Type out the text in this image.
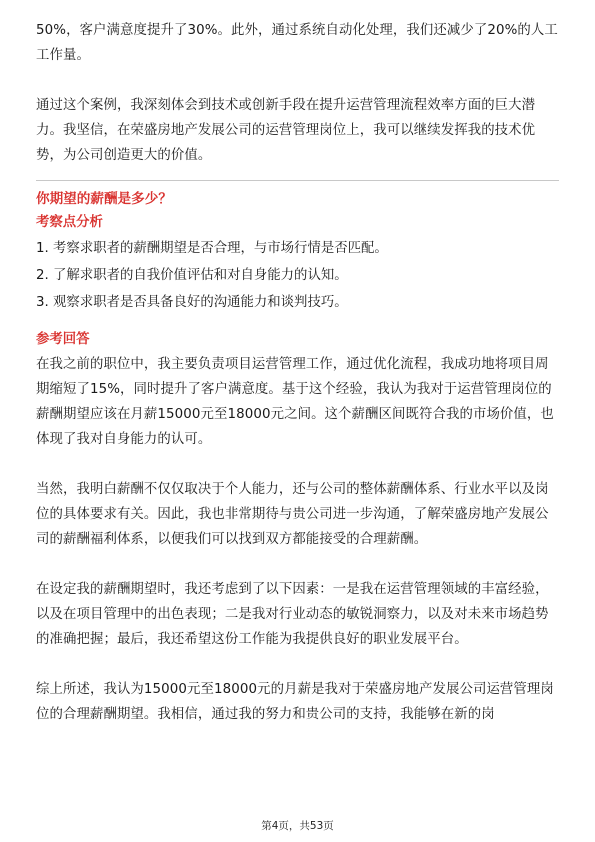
50%，客户满意度提升了30%。此外，通过系统自动化处理，我们还减少了20%的人工工作量。

通过这个案例，我深刻体会到技术或创新手段在提升运营管理流程效率方面的巨大潜力。我坚信，在荣盛房地产发展公司的运营管理岗位上，我可以继续发挥我的技术优势，为公司创造更大的价值。

你期望的薪酬是多少？

考察点分析

1. 考察求职者的薪酬期望是否合理，与市场行情是否匹配。

2. 了解求职者的自我价值评估和对自身能力的认知。

3. 观察求职者是否具备良好的沟通能力和谈判技巧。

参考回答

在我之前的职位中，我主要负责项目运营管理工作，通过优化流程，我成功地将项目周期缩短了15%，同时提升了客户满意度。基于这个经验，我认为我对于运营管理岗位的薪酬期望应该在月薪15000元至18000元之间。这个薪酬区间既符合我的市场价值，也体现了我对自身能力的认可。

当然，我明白薪酬不仅仅取决于个人能力，还与公司的整体薪酬体系、行业水平以及岗位的具体要求有关。因此，我也非常期待与贵公司进一步沟通，了解荣盛房地产发展公司的薪酬福利体系，以便我们可以找到双方都能接受的合理薪酬。

在设定我的薪酬期望时，我还考虑到了以下因素：一是我在运营管理领域的丰富经验，以及在项目管理中的出色表现；二是我对行业动态的敏锐洞察力，以及对未来市场趋势的准确把握；最后，我还希望这份工作能为我提供良好的职业发展平台。

综上所述，我认为15000元至18000元的月薪是我对于荣盛房地产发展公司运营管理岗位的合理薪酬期望。我相信，通过我的努力和贵公司的支持，我能够在新的岗

第4页，共53页
